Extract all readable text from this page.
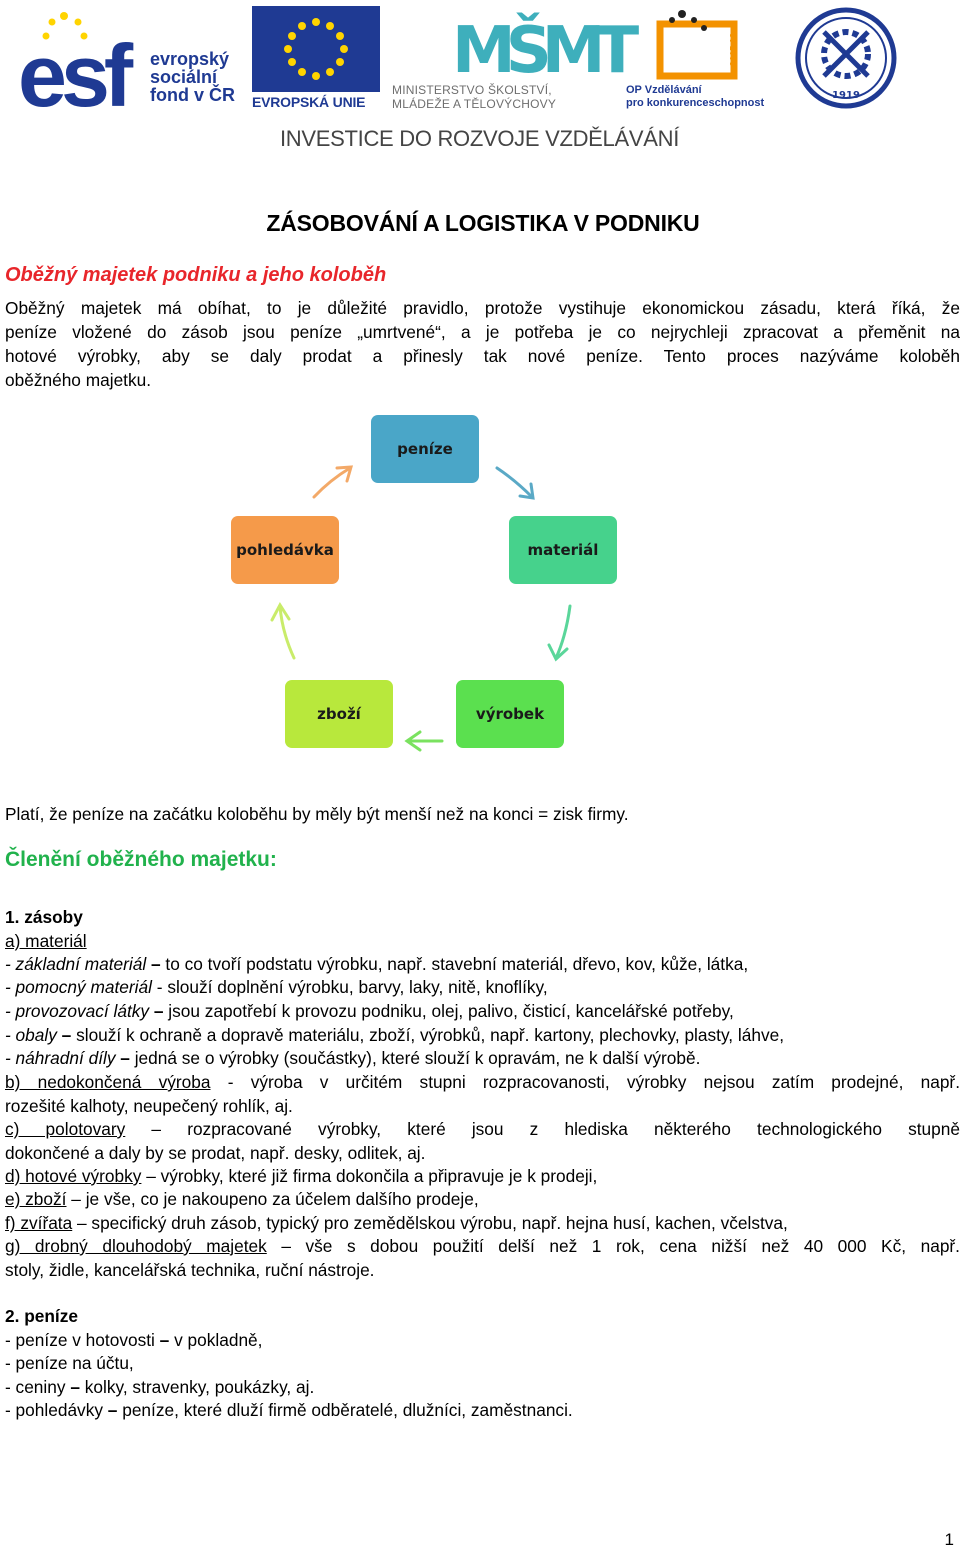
esf	evropský
sociální
fond v ČR EVROPSKÁ UNIE
MŠMT
MINISTERSTVO ŠKOLSTVÍ,
MLÁDEŽE A TĚLOVÝCHOVY
2007-13
OP Vzdělávání
pro konkurenceschopnost
1919
INVESTICE DO ROZVOJE VZDĚLÁVÁNÍ
ZÁSOBOVÁNÍ A LOGISTIKA V PODNIKU
Oběžný majetek podniku a jeho koloběh
Oběžný majetek má obíhat, to je důležité pravidlo, protože vystihuje ekonomickou zásadu, která říká, že
peníze vložené do zásob jsou peníze „umrtvené“, a je potřeba je co nejrychleji zpracovat a přeměnit na
hotové výrobky, aby se daly prodat a přinesly tak nové peníze. Tento proces nazýváme koloběh
oběžného majetku.
peníze
materiál
výrobek
zboží
pohledávka
Platí, že peníze na začátku koloběhu by měly být menší než na konci = zisk firmy.
Členění oběžného majetku:
1. zásoby
a) materiál
- základní materiál – to co tvoří podstatu výrobku, např. stavební materiál, dřevo, kov, kůže, látka,
- pomocný materiál - slouží doplnění výrobku, barvy, laky, nitě, knoflíky,
- provozovací látky – jsou zapotřebí k provozu podniku, olej, palivo, čisticí, kancelářské potřeby,
- obaly – slouží k ochraně a dopravě materiálu, zboží, výrobků, např. kartony, plechovky, plasty, láhve,
- náhradní díly – jedná se o výrobky (součástky), které slouží k opravám, ne k další výrobě.
b) nedokončená výroba - výroba v určitém stupni rozpracovanosti, výrobky nejsou zatím prodejné, např.
rozešité kalhoty, neupečený rohlík, aj.
c) polotovary – rozpracované výrobky, které jsou z hlediska některého technologického stupně
dokončené a daly by se prodat, např. desky, odlitek, aj.
d) hotové výrobky – výrobky, které již firma dokončila a připravuje je k prodeji,
e) zboží – je vše, co je nakoupeno za účelem dalšího prodeje,
f) zvířata – specifický druh zásob, typický pro zemědělskou výrobu, např. hejna husí, kachen, včelstva,
g) drobný dlouhodobý majetek – vše s dobou použití delší než 1 rok, cena nižší než 40 000 Kč, např.
stoly, židle, kancelářská technika, ruční nástroje.
2. peníze
- peníze v hotovosti – v pokladně,
- peníze na účtu,
- ceniny – kolky, stravenky, poukázky, aj.
- pohledávky – peníze, které dluží firmě odběratelé, dlužníci, zaměstnanci.
1
